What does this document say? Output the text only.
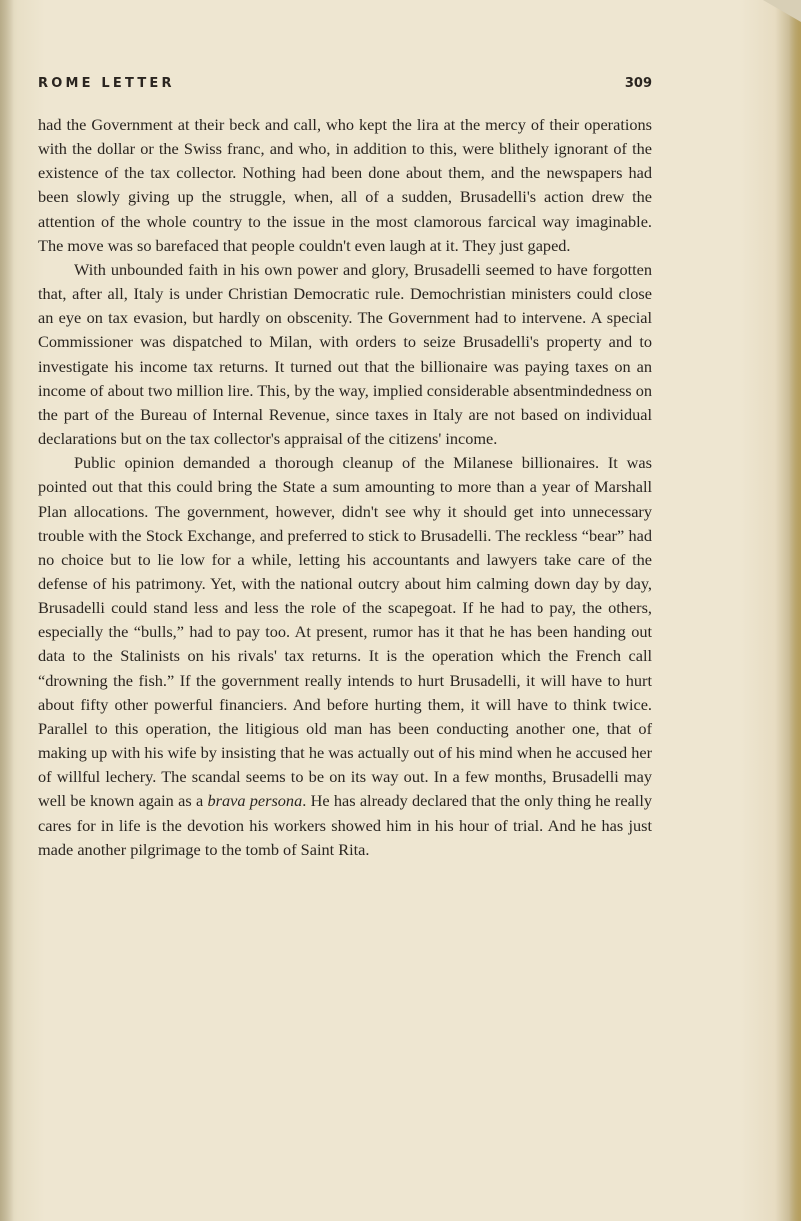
ROME LETTER	309

had the Government at their beck and call, who kept the lira at the mercy of their operations with the dollar or the Swiss franc, and who, in addition to this, were blithely ignorant of the existence of the tax collector. Nothing had been done about them, and the newspapers had been slowly giving up the struggle, when, all of a sudden, Brusadelli's action drew the attention of the whole country to the issue in the most clamorous farcical way imaginable. The move was so barefaced that people couldn't even laugh at it. They just gaped.

With unbounded faith in his own power and glory, Brusadelli seemed to have forgotten that, after all, Italy is under Christian Democratic rule. Demochristian ministers could close an eye on tax evasion, but hardly on obscenity. The Government had to intervene. A special Commissioner was dispatched to Milan, with orders to seize Brusadelli's property and to investigate his income tax returns. It turned out that the billionaire was paying taxes on an income of about two million lire. This, by the way, implied considerable absentmindedness on the part of the Bureau of Internal Revenue, since taxes in Italy are not based on individual declarations but on the tax collector's appraisal of the citizens' income.

Public opinion demanded a thorough cleanup of the Milanese billionaires. It was pointed out that this could bring the State a sum amounting to more than a year of Marshall Plan allocations. The government, however, didn't see why it should get into unnecessary trouble with the Stock Exchange, and preferred to stick to Brusadelli. The reckless “bear” had no choice but to lie low for a while, letting his accountants and lawyers take care of the defense of his patrimony. Yet, with the national outcry about him calming down day by day, Brusadelli could stand less and less the role of the scapegoat. If he had to pay, the others, especially the “bulls,” had to pay too. At present, rumor has it that he has been handing out data to the Stalinists on his rivals' tax returns. It is the operation which the French call “drowning the fish.” If the government really intends to hurt Brusadelli, it will have to hurt about fifty other powerful financiers. And before hurting them, it will have to think twice. Parallel to this operation, the litigious old man has been conducting another one, that of making up with his wife by insisting that he was actually out of his mind when he accused her of willful lechery. The scandal seems to be on its way out. In a few months, Brusadelli may well be known again as a brava persona. He has already declared that the only thing he really cares for in life is the devotion his workers showed him in his hour of trial. And he has just made another pilgrimage to the tomb of Saint Rita.
